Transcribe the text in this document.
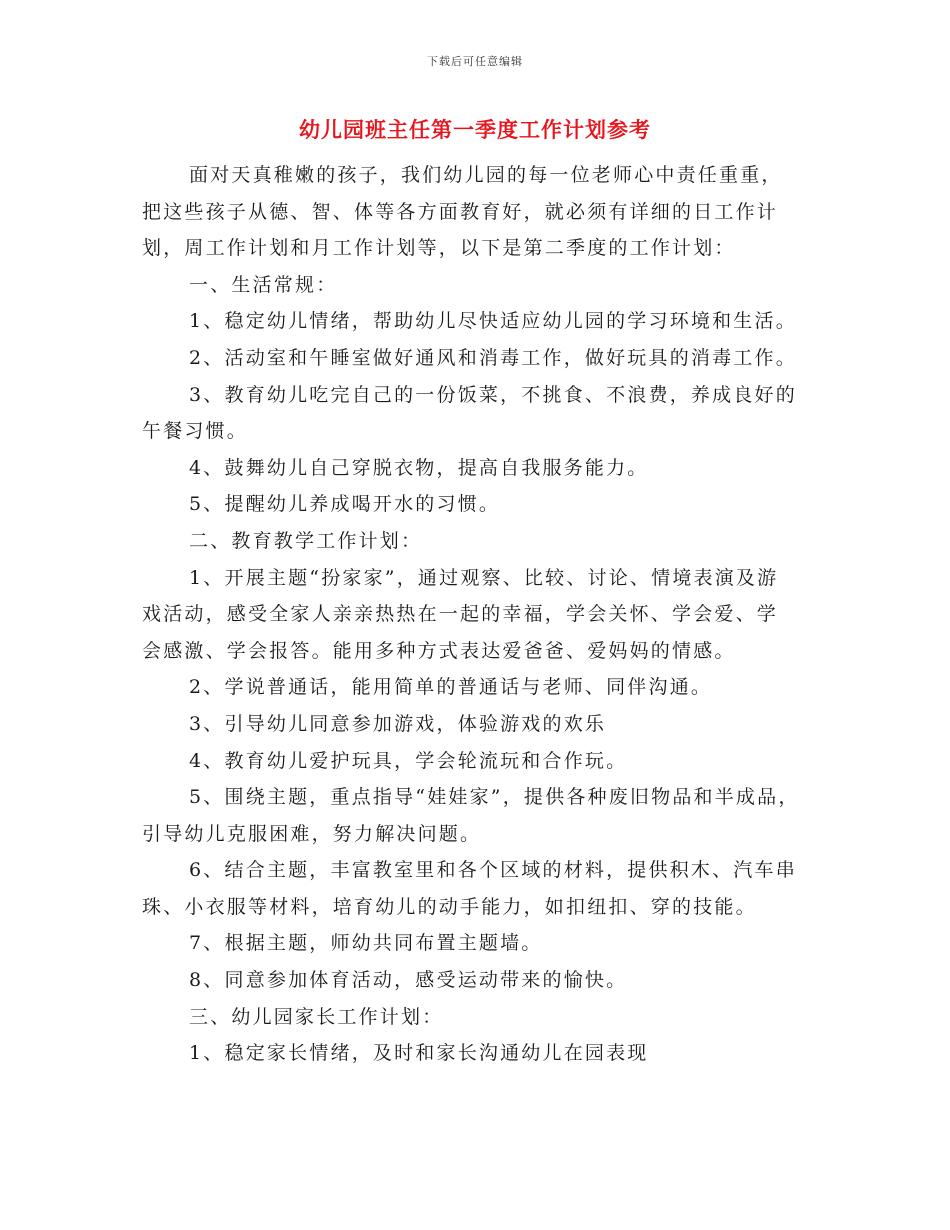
下载后可任意编辑
幼儿园班主任第一季度工作计划参考

面对天真稚嫩的孩子，我们幼儿园的每一位老师心中责任重重，
把这些孩子从德、智、体等各方面教育好，就必须有详细的日工作计
划，周工作计划和月工作计划等，以下是第二季度的工作计划：

一、生活常规：

1、稳定幼儿情绪，帮助幼儿尽快适应幼儿园的学习环境和生活。

2、活动室和午睡室做好通风和消毒工作，做好玩具的消毒工作。

3、教育幼儿吃完自己的一份饭菜，不挑食、不浪费，养成良好的
午餐习惯。

4、鼓舞幼儿自己穿脱衣物，提高自我服务能力。

5、提醒幼儿养成喝开水的习惯。

二、教育教学工作计划：

1、开展主题“扮家家”，通过观察、比较、讨论、情境表演及游
戏活动，感受全家人亲亲热热在一起的幸福，学会关怀、学会爱、学
会感激、学会报答。能用多种方式表达爱爸爸、爱妈妈的情感。

2、学说普通话，能用简单的普通话与老师、同伴沟通。

3、引导幼儿同意参加游戏，体验游戏的欢乐

4、教育幼儿爱护玩具，学会轮流玩和合作玩。

5、围绕主题，重点指导“娃娃家”，提供各种废旧物品和半成品，
引导幼儿克服困难，努力解决问题。

6、结合主题，丰富教室里和各个区域的材料，提供积木、汽车串
珠、小衣服等材料，培育幼儿的动手能力，如扣纽扣、穿的技能。

7、根据主题，师幼共同布置主题墙。

8、同意参加体育活动，感受运动带来的愉快。

三、幼儿园家长工作计划：

1、稳定家长情绪，及时和家长沟通幼儿在园表现
